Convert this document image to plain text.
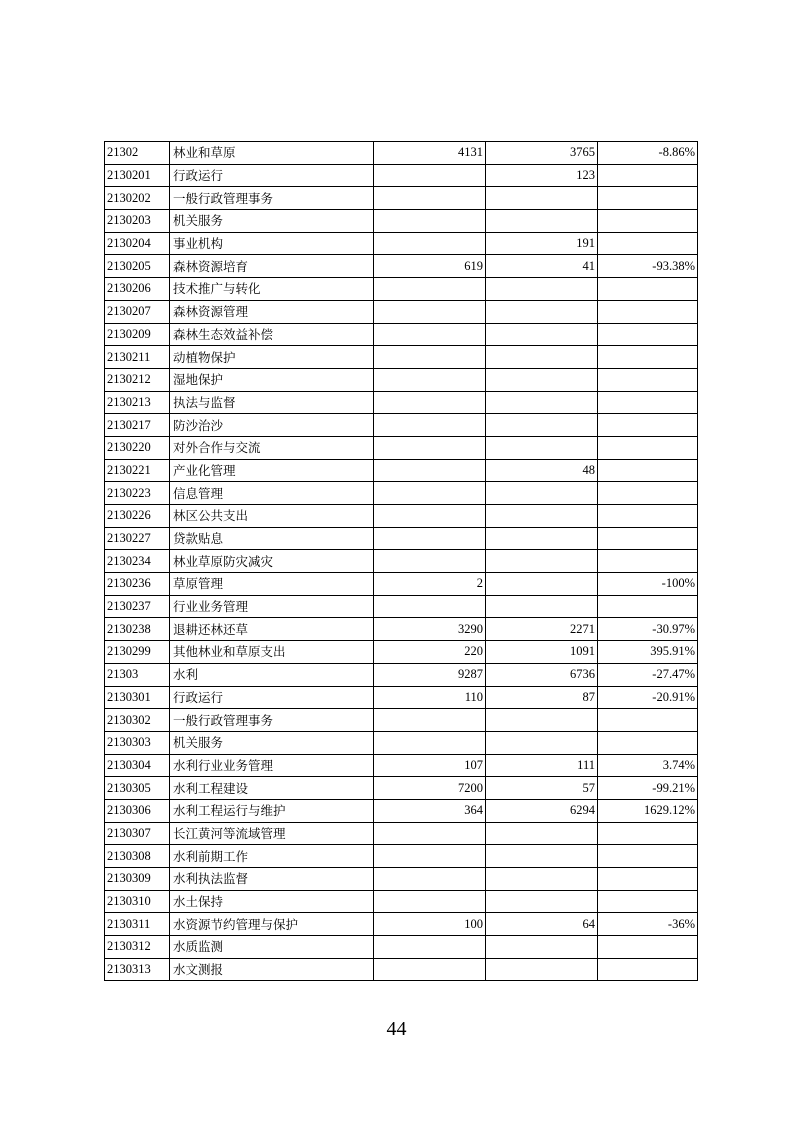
21302	林业和草原	4131	3765	-8.86%
2130201	行政运行		123	
2130202	一般行政管理事务			
2130203	机关服务			
2130204	事业机构		191	
2130205	森林资源培育	619	41	-93.38%
2130206	技术推广与转化			
2130207	森林资源管理			
2130209	森林生态效益补偿			
2130211	动植物保护			
2130212	湿地保护			
2130213	执法与监督			
2130217	防沙治沙			
2130220	对外合作与交流			
2130221	产业化管理		48	
2130223	信息管理			
2130226	林区公共支出			
2130227	贷款贴息			
2130234	林业草原防灾减灾			
2130236	草原管理	2		-100%
2130237	行业业务管理			
2130238	退耕还林还草	3290	2271	-30.97%
2130299	其他林业和草原支出	220	1091	395.91%
21303	水利	9287	6736	-27.47%
2130301	行政运行	110	87	-20.91%
2130302	一般行政管理事务			
2130303	机关服务			
2130304	水利行业业务管理	107	111	3.74%
2130305	水利工程建设	7200	57	-99.21%
2130306	水利工程运行与维护	364	6294	1629.12%
2130307	长江黄河等流域管理			
2130308	水利前期工作			
2130309	水利执法监督			
2130310	水土保持			
2130311	水资源节约管理与保护	100	64	-36%
2130312	水质监测			
2130313	水文测报			
44
